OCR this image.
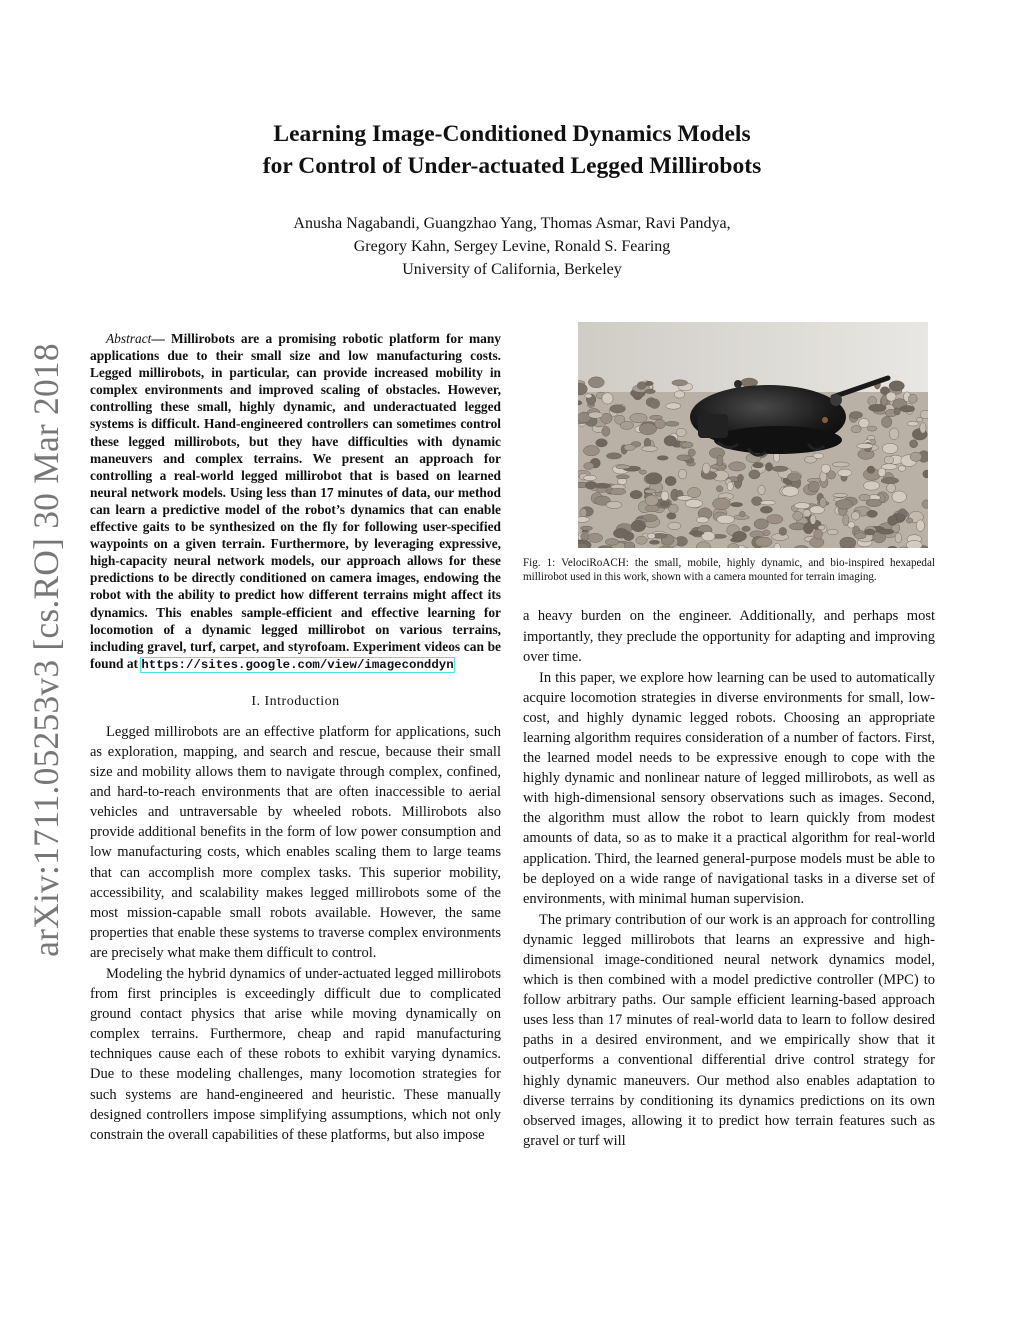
arXiv:1711.05253v3 [cs.RO] 30 Mar 2018
Learning Image-Conditioned Dynamics Models
for Control of Under-actuated Legged Millirobots
Anusha Nagabandi, Guangzhao Yang, Thomas Asmar, Ravi Pandya,
Gregory Kahn, Sergey Levine, Ronald S. Fearing
University of California, Berkeley

Abstract— Millirobots are a promising robotic platform for many applications due to their small size and low manufacturing costs. Legged millirobots, in particular, can provide increased mobility in complex environments and improved scaling of obstacles. However, controlling these small, highly dynamic, and underactuated legged systems is difficult. Hand-engineered controllers can sometimes control these legged millirobots, but they have difficulties with dynamic maneuvers and complex terrains. We present an approach for controlling a real-world legged millirobot that is based on learned neural network models. Using less than 17 minutes of data, our method can learn a predictive model of the robot’s dynamics that can enable effective gaits to be synthesized on the fly for following user-specified waypoints on a given terrain. Furthermore, by leveraging expressive, high-capacity neural network models, our approach allows for these predictions to be directly conditioned on camera images, endowing the robot with the ability to predict how different terrains might affect its dynamics. This enables sample-efficient and effective learning for locomotion of a dynamic legged millirobot on various terrains, including gravel, turf, carpet, and styrofoam. Experiment videos can be found at https://sites.google.com/view/imageconddyn

I. Introduction

Legged millirobots are an effective platform for applications, such as exploration, mapping, and search and rescue, because their small size and mobility allows them to navigate through complex, confined, and hard-to-reach environments that are often inaccessible to aerial vehicles and untraversable by wheeled robots. Millirobots also provide additional benefits in the form of low power consumption and low manufacturing costs, which enables scaling them to large teams that can accomplish more complex tasks. This superior mobility, accessibility, and scalability makes legged millirobots some of the most mission-capable small robots available. However, the same properties that enable these systems to traverse complex environments are precisely what make them difficult to control.

Modeling the hybrid dynamics of under-actuated legged millirobots from first principles is exceedingly difficult due to complicated ground contact physics that arise while moving dynamically on complex terrains. Furthermore, cheap and rapid manufacturing techniques cause each of these robots to exhibit varying dynamics. Due to these modeling challenges, many locomotion strategies for such systems are hand-engineered and heuristic. These manually designed controllers impose simplifying assumptions, which not only constrain the overall capabilities of these platforms, but also impose

Fig. 1: VelociRoACH: the small, mobile, highly dynamic, and bio-inspired hexapedal millirobot used in this work, shown with a camera mounted for terrain imaging.

a heavy burden on the engineer. Additionally, and perhaps most importantly, they preclude the opportunity for adapting and improving over time.

In this paper, we explore how learning can be used to automatically acquire locomotion strategies in diverse environments for small, low-cost, and highly dynamic legged robots. Choosing an appropriate learning algorithm requires consideration of a number of factors. First, the learned model needs to be expressive enough to cope with the highly dynamic and nonlinear nature of legged millirobots, as well as with high-dimensional sensory observations such as images. Second, the algorithm must allow the robot to learn quickly from modest amounts of data, so as to make it a practical algorithm for real-world application. Third, the learned general-purpose models must be able to be deployed on a wide range of navigational tasks in a diverse set of environments, with minimal human supervision.

The primary contribution of our work is an approach for controlling dynamic legged millirobots that learns an expressive and high-dimensional image-conditioned neural network dynamics model, which is then combined with a model predictive controller (MPC) to follow arbitrary paths. Our sample efficient learning-based approach uses less than 17 minutes of real-world data to learn to follow desired paths in a desired environment, and we empirically show that it outperforms a conventional differential drive control strategy for highly dynamic maneuvers. Our method also enables adaptation to diverse terrains by conditioning its dynamics predictions on its own observed images, allowing it to predict how terrain features such as gravel or turf will
